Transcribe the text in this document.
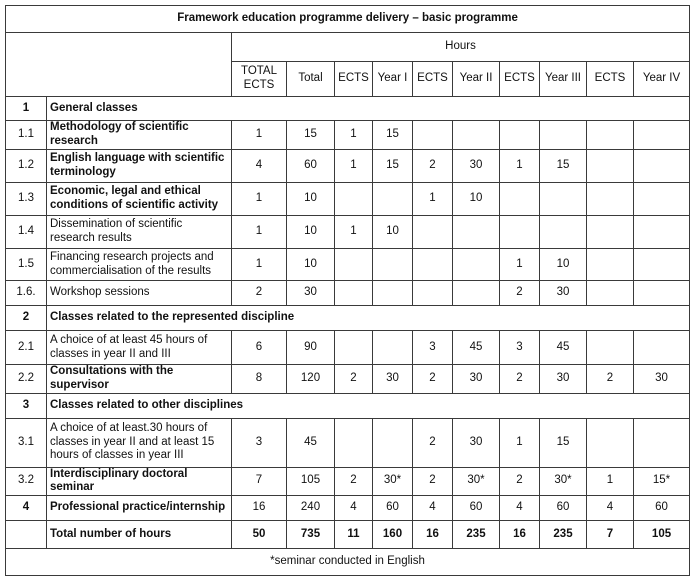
Framework education programme delivery – basic programme											
		Hours									
		TOTAL ECTS	Total	ECTS	Year I	ECTS	Year II	ECTS	Year III	ECTS	Year IV
1	General classes										
1.1	Methodology of scientific research	1	15	1	15						
1.2	English language with scientific terminology	4	60	1	15	2	30	1	15		
1.3	Economic, legal and ethical conditions of scientific activity	1	10			1	10				
1.4	Dissemination of scientific research results	1	10	1	10						
1.5	Financing research projects and commercialisation of the results	1	10					1	10		
1.6.	Workshop sessions	2	30					2	30		
2	Classes related to the represented discipline										
2.1	A choice of at least 45 hours of classes in year II and III	6	90			3	45	3	45		
2.2	Consultations with the supervisor	8	120	2	30	2	30	2	30	2	30
3	Classes related to other disciplines										
3.1	A choice of at least.30 hours of classes in year II and at least 15 hours of classes in year III	3	45			2	30	1	15		
3.2	Interdisciplinary doctoral seminar	7	105	2	30*	2	30*	2	30*	1	15*
4	Professional practice/internship	16	240	4	60	4	60	4	60	4	60
	Total number of hours	50	735	11	160	16	235	16	235	7	105
*seminar conducted in English											
